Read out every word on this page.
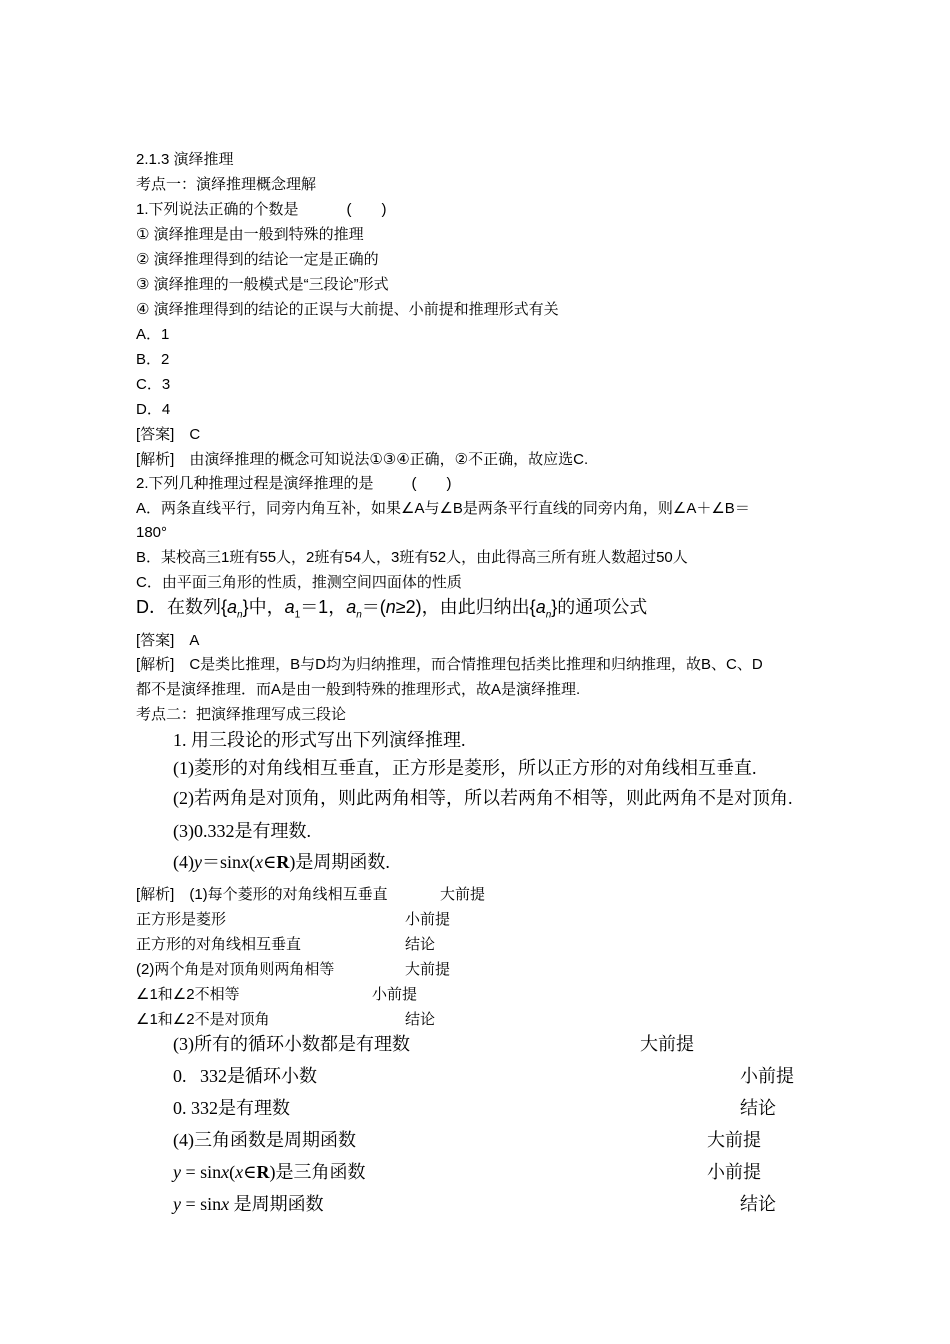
2.1.3 演绎推理
考点一：演绎推理概念理解
1.下列说法正确的个数是	(　　)
① 演绎推理是由一般到特殊的推理
② 演绎推理得到的结论一定是正确的
③ 演绎推理的一般模式是“三段论”形式
④ 演绎推理得到的结论的正误与大前提、小前提和推理形式有关
A．1
B．2
C．3
D．4
[答案]　C
[解析]　由演绎推理的概念可知说法①③④正确，②不正确，故应选C.
2.下列几种推理过程是演绎推理的是	(　　)
A．两条直线平行，同旁内角互补，如果∠A与∠B是两条平行直线的同旁内角，则∠A＋∠B＝
180°
B．某校高三1班有55人，2班有54人，3班有52人，由此得高三所有班人数超过50人
C．由平面三角形的性质，推测空间四面体的性质
D．在数列$\{a_n\}$中，$a_1=1$，$a_n=(n\ge 2)$，由此归纳出$\{a_n\}$的通项公式
[答案]　A
[解析]　C是类比推理，B与D均为归纳推理，而合情推理包括类比推理和归纳推理，故B、C、D
都不是演绎推理．而A是由一般到特殊的推理形式，故A是演绎推理.
考点二：把演绎推理写成三段论
1. 用三段论的形式写出下列演绎推理.
(1)菱形的对角线相互垂直，正方形是菱形，所以正方形的对角线相互垂直.
(2)若两角是对顶角，则此两角相等，所以若两角不相等，则此两角不是对顶角.
(3)0.332是有理数.
(4)y＝sinx(x∈R)是周期函数.
[解析]　(1)每个菱形的对角线相互垂直	大前提
正方形是菱形	小前提
正方形的对角线相互垂直	结论
(2)两个角是对顶角则两角相等	大前提
∠1和∠2不相等	小前提
∠1和∠2不是对顶角	结论
(3)所有的循环小数都是有理数	大前提
0.   332是循环小数	小前提
0. 332是有理数	结论
(4)三角函数是周期函数	大前提
y = sinx(x∈R)是三角函数	小前提
y = sinx 是周期函数	结论
